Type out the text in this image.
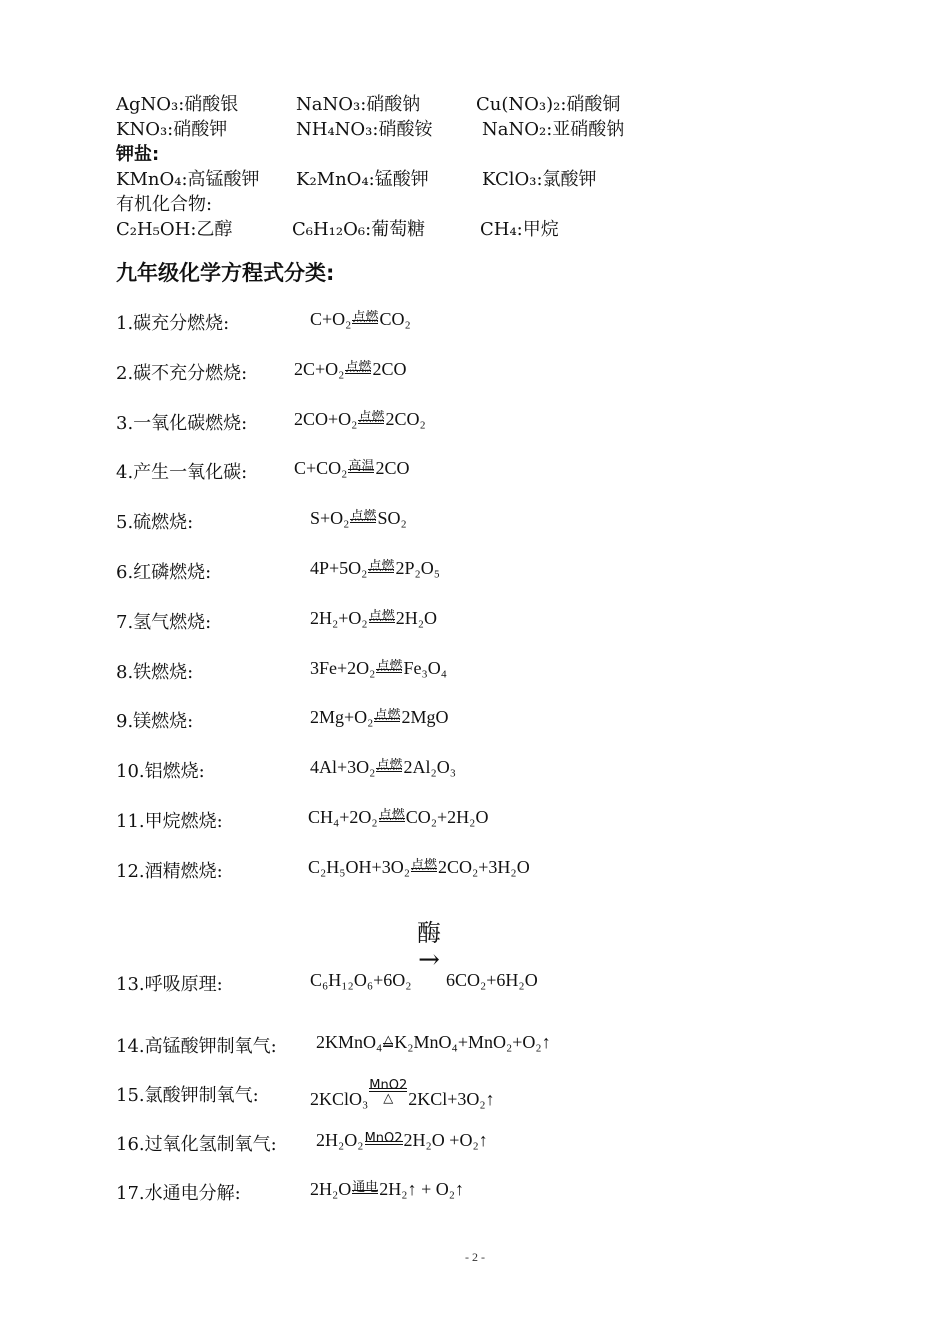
AgNO₃:硝酸银	NaNO₃:硝酸钠	Cu(NO₃)₂:硝酸铜
KNO₃:硝酸钾	NH₄NO₃:硝酸铵	NaNO₂:亚硝酸钠
钾盐:
KMnO₄:高锰酸钾 K₂MnO₄:锰酸钾	KClO₃:氯酸钾
有机化合物:
C₂H₅OH:乙醇	C₆H₁₂O₆:葡萄糖	CH₄:甲烷
九年级化学方程式分类:
1.碳充分燃烧:	C+O₂ 点燃 CO₂
2.碳不充分燃烧:	2C+O₂ 点燃 2CO
3.一氧化碳燃烧:	2CO+O₂ 点燃 2CO₂
4.产生一氧化碳:	C+CO₂ 高温 2CO
5.硫燃烧:	S+O₂ 点燃 SO₂
6.红磷燃烧:	4P+5O₂ 点燃 2P₂O₅
7.氢气燃烧:	2H₂+O₂ 点燃 2H₂O
8.铁燃烧:	3Fe+2O₂ 点燃 Fe₃O₄
9.镁燃烧:	2Mg+O₂ 点燃 2MgO
10.铝燃烧:	4Al+3O₂ 点燃 2Al₂O₃
11.甲烷燃烧:	CH₄+2O₂ 点燃 CO₂+2H₂O
12.酒精燃烧:	C₂H₅OH+3O₂ 点燃 2CO₂+3H₂O
酶
→
13.呼吸原理:	C₆H₁₂O₆+6O₂ 6CO₂+6H₂O
14.高锰酸钾制氧气: 2KMnO₄ △ K₂MnO₄+MnO₂+O₂↑
15.氯酸钾制氧气:	2KClO₃
MnO2
△ 2KCl+3O₂↑
16.过氧化氢制氧气: 2H₂O₂ MnO2 2H₂O +O₂↑
17.水通电分解:	2H₂O 通电 2H₂↑ + O₂↑
- 2 -
